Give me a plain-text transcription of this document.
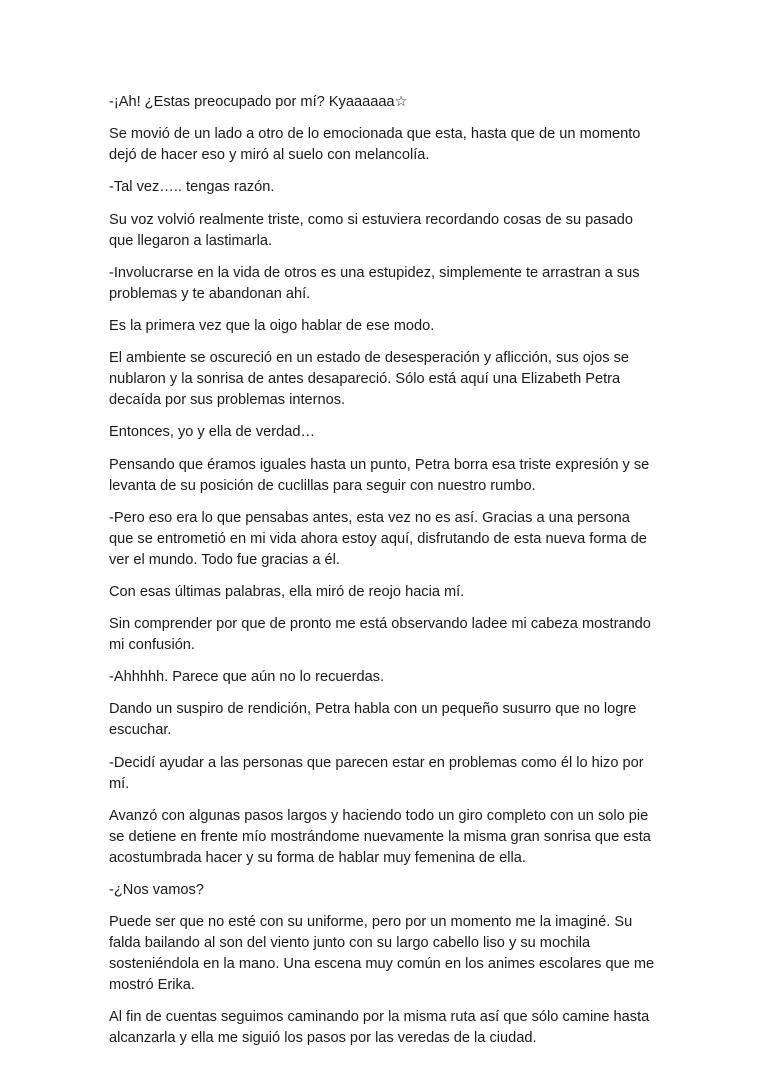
-¡Ah! ¿Estas preocupado por mí? Kyaaaaaa☆

Se movió de un lado a otro de lo emocionada que esta, hasta que de un momento dejó de hacer eso y miró al suelo con melancolía.

-Tal vez….. tengas razón.

Su voz volvió realmente triste, como si estuviera recordando cosas de su pasado que llegaron a lastimarla.

-Involucrarse en la vida de otros es una estupidez, simplemente te arrastran a sus problemas y te abandonan ahí.

Es la primera vez que la oigo hablar de ese modo.

El ambiente se oscureció en un estado de desesperación y aflicción, sus ojos se nublaron y la sonrisa de antes desapareció. Sólo está aquí una Elizabeth Petra decaída por sus problemas internos.

Entonces, yo y ella de verdad…

Pensando que éramos iguales hasta un punto, Petra borra esa triste expresión y se levanta de su posición de cuclillas para seguir con nuestro rumbo.

-Pero eso era lo que pensabas antes, esta vez no es así. Gracias a una persona que se entrometió en mi vida ahora estoy aquí, disfrutando de esta nueva forma de ver el mundo. Todo fue gracias a él.

Con esas últimas palabras, ella miró de reojo hacia mí.

Sin comprender por que de pronto me está observando ladee mi cabeza mostrando mi confusión.

-Ahhhhh. Parece que aún no lo recuerdas.

Dando un suspiro de rendición, Petra habla con un pequeño susurro que no logre escuchar.

-Decidí ayudar a las personas que parecen estar en problemas como él lo hizo por mí.

Avanzó con algunas pasos largos y haciendo todo un giro completo con un solo pie se detiene en frente mío mostrándome nuevamente la misma gran sonrisa que esta acostumbrada hacer y su forma de hablar muy femenina de ella.

-¿Nos vamos?

Puede ser que no esté con su uniforme, pero por un momento me la imaginé. Su falda bailando al son del viento junto con su largo cabello liso y su mochila sosteniéndola en la mano. Una escena muy común en los animes escolares que me mostró Erika.

Al fin de cuentas seguimos caminando por la misma ruta así que sólo camine hasta alcanzarla y ella me siguió los pasos por las veredas de la ciudad.
